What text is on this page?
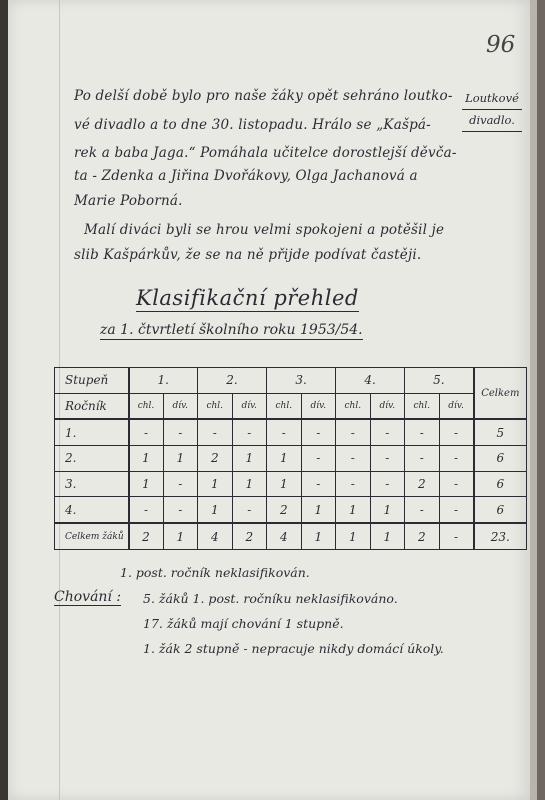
96
Loutkové
divadlo.
Po delší době bylo pro naše žáky opět sehráno loutko-
vé divadlo a to dne 30. listopadu. Hrálo se „Kašpá-
rek a baba Jaga.“ Pomáhala učitelce dorostlejší děvča-
ta - Zdenka a Jiřina Dvořákovy, Olga Jachanová a
Marie Poborná.
Malí diváci byli se hrou velmi spokojeni a potěšil je
slib Kašpárkův, že se na ně přijde podívat častěji.
Klasifikační přehled
za 1. čtvrtletí školního roku 1953/54.
Stupeň	1.		2.		3.		4.		5.		Celkem
Ročník	chl.	dív.	chl.	dív.	chl.	dív.	chl.	dív.	chl.	dív.	
1.	-	-	-	-	-	-	-	-	-	-	5
2.	1	1	2	1	1	-	-	-	-	-	6
3.	1	-	1	1	1	-	-	-	2	-	6
4.	-	-	1	-	2	1	1	1	-	-	6
Celkem žáků	2	1	4	2	4	1	1	1	2	-	23.
1. post. ročník neklasifikován.
Chování : 5. žáků 1. post. ročníku neklasifikováno.
17. žáků mají chování 1 stupně.
1. žák 2 stupně - nepracuje nikdy domácí úkoly.
